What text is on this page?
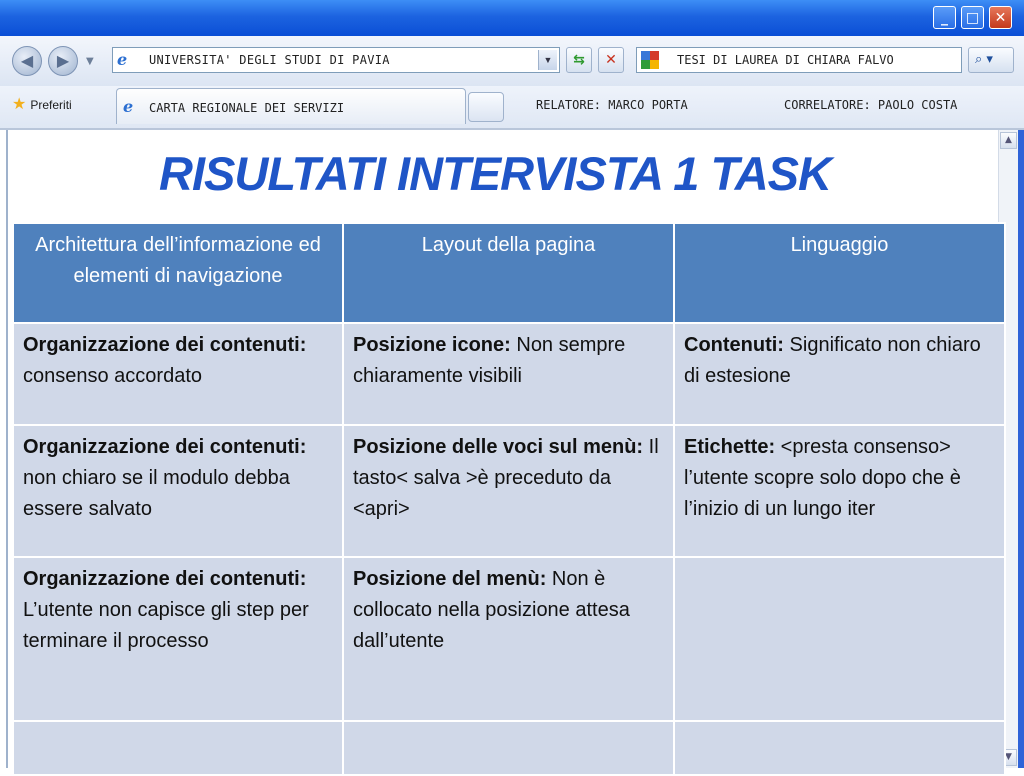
_	□	✕
◀	▶	▼ e	UNIVERSITA' DEGLI STUDI DI PAVIA	▼	⇆	✕	TESI DI LAUREA DI CHIARA FALVO	⌕ ▾
★ Preferiti	e CARTA REGIONALE DEI SERVIZI	RELATORE: MARCO PORTA	CORRELATORE: PAOLO COSTA
▲
▼
RISULTATI INTERVISTA 1 TASK
Architettura dell’informazione ed elementi di navigazione	Layout della pagina	Linguaggio
Organizzazione dei contenuti: consenso accordato	Posizione icone: Non sempre chiaramente visibili	Contenuti: Significato non chiaro di estesione
Organizzazione dei contenuti: non chiaro se il modulo debba essere salvato	Posizione delle voci sul menù: Il tasto< salva >è preceduto da <apri>	Etichette: <presta consenso> l’utente scopre solo dopo che è l’inizio di un lungo iter
Organizzazione dei contenuti: L’utente non capisce gli step per terminare il processo	Posizione del menù: Non è collocato nella posizione attesa dall’utente	
